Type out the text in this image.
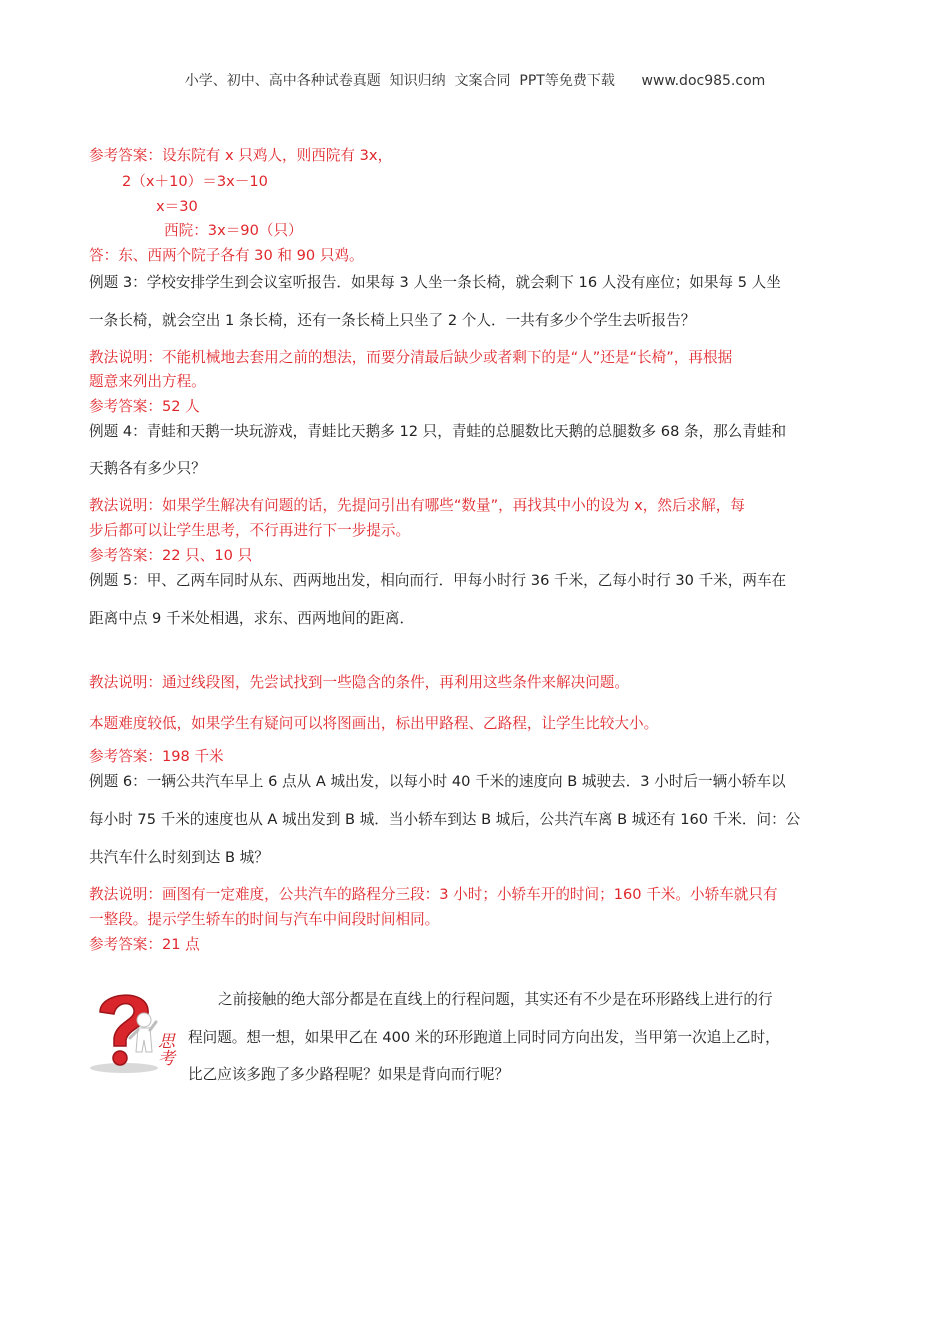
小学、初中、高中各种试卷真题  知识归纳  文案合同  PPT等免费下载      www.doc985.com
参考答案：设东院有 x 只鸡人，则西院有 3x，
2（x＋10）＝3x－10
x＝30
西院：3x＝90（只）
答：东、西两个院子各有 30 和 90 只鸡。
例题 3：学校安排学生到会议室听报告．如果每 3 人坐一条长椅，就会剩下 16 人没有座位；如果每 5 人坐
一条长椅，就会空出 1 条长椅，还有一条长椅上只坐了 2 个人．一共有多少个学生去听报告？
教法说明：不能机械地去套用之前的想法，而要分清最后缺少或者剩下的是“人”还是“长椅”，再根据
题意来列出方程。
参考答案：52 人
例题 4：青蛙和天鹅一块玩游戏，青蛙比天鹅多 12 只，青蛙的总腿数比天鹅的总腿数多 68 条，那么青蛙和
天鹅各有多少只？
教法说明：如果学生解决有问题的话，先提问引出有哪些“数量”，再找其中小的设为 x，然后求解，每
步后都可以让学生思考，不行再进行下一步提示。
参考答案：22 只、10 只
例题 5：甲、乙两车同时从东、西两地出发，相向而行．甲每小时行 36 千米，乙每小时行 30 千米，两车在
距离中点 9 千米处相遇，求东、西两地间的距离．
教法说明：通过线段图，先尝试找到一些隐含的条件，再利用这些条件来解决问题。
本题难度较低，如果学生有疑问可以将图画出，标出甲路程、乙路程，让学生比较大小。
参考答案：198 千米
例题 6：一辆公共汽车早上 6 点从 A 城出发，以每小时 40 千米的速度向 B 城驶去．3 小时后一辆小轿车以
每小时 75 千米的速度也从 A 城出发到 B 城．当小轿车到达 B 城后，公共汽车离 B 城还有 160 千米．问：公
共汽车什么时刻到达 B 城？
教法说明：画图有一定难度，公共汽车的路程分三段：3 小时；小轿车开的时间；160 千米。小轿车就只有
一整段。提示学生轿车的时间与汽车中间段时间相同。
参考答案：21 点
思考
之前接触的绝大部分都是在直线上的行程问题，其实还有不少是在环形路线上进行的行
程问题。想一想，如果甲乙在 400 米的环形跑道上同时同方向出发，当甲第一次追上乙时，
比乙应该多跑了多少路程呢？如果是背向而行呢？
